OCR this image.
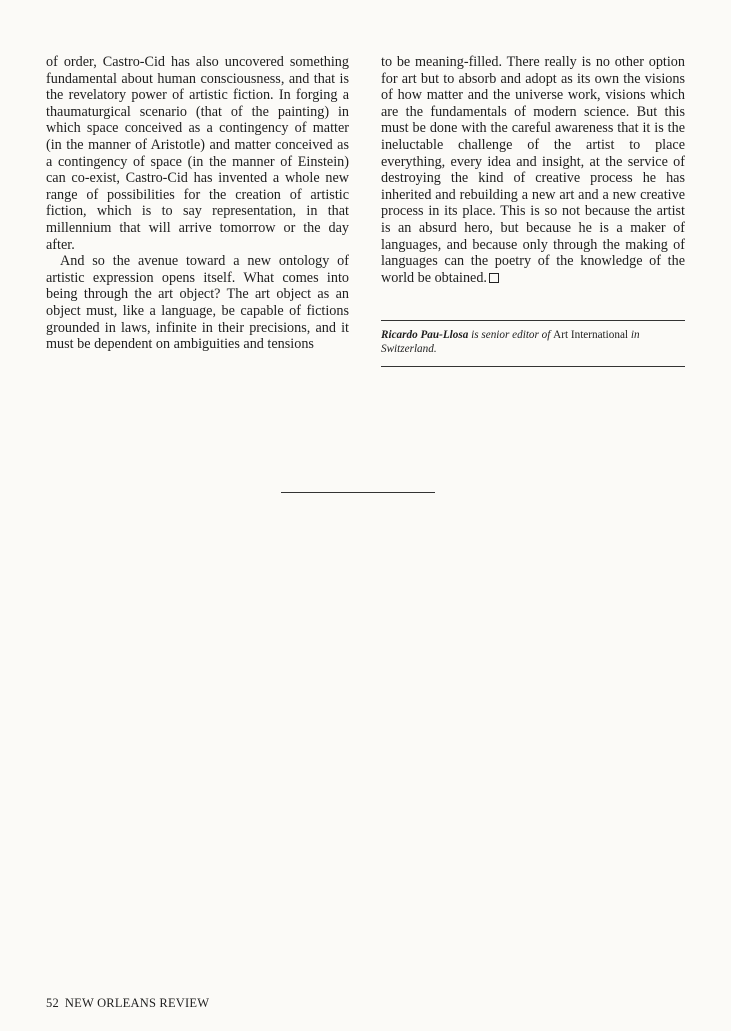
of order, Castro-Cid has also uncovered something fundamental about human consciousness, and that is the revelatory power of artistic fiction. In forging a thaumaturgical scenario (that of the painting) in which space conceived as a contingency of matter (in the manner of Aristotle) and matter conceived as a contingency of space (in the manner of Einstein) can co-exist, Castro-Cid has invented a whole new range of possibilities for the creation of artistic fiction, which is to say representation, in that millennium that will arrive tomorrow or the day after.

And so the avenue toward a new ontology of artistic expression opens itself. What comes into being through the art object? The art object as an object must, like a language, be capable of fictions grounded in laws, infinite in their precisions, and it must be dependent on ambiguities and tensions

to be meaning-filled. There really is no other option for art but to absorb and adopt as its own the visions of how matter and the universe work, visions which are the fundamentals of modern science. But this must be done with the careful awareness that it is the ineluctable challenge of the artist to place everything, every idea and insight, at the service of destroying the kind of creative process he has inherited and rebuilding a new art and a new creative process in its place. This is so not because the artist is an absurd hero, but because he is a maker of languages, and because only through the making of languages can the poetry of the knowledge of the world be obtained.

Ricardo Pau-Llosa is senior editor of Art International in Switzerland.
52 NEW ORLEANS REVIEW
